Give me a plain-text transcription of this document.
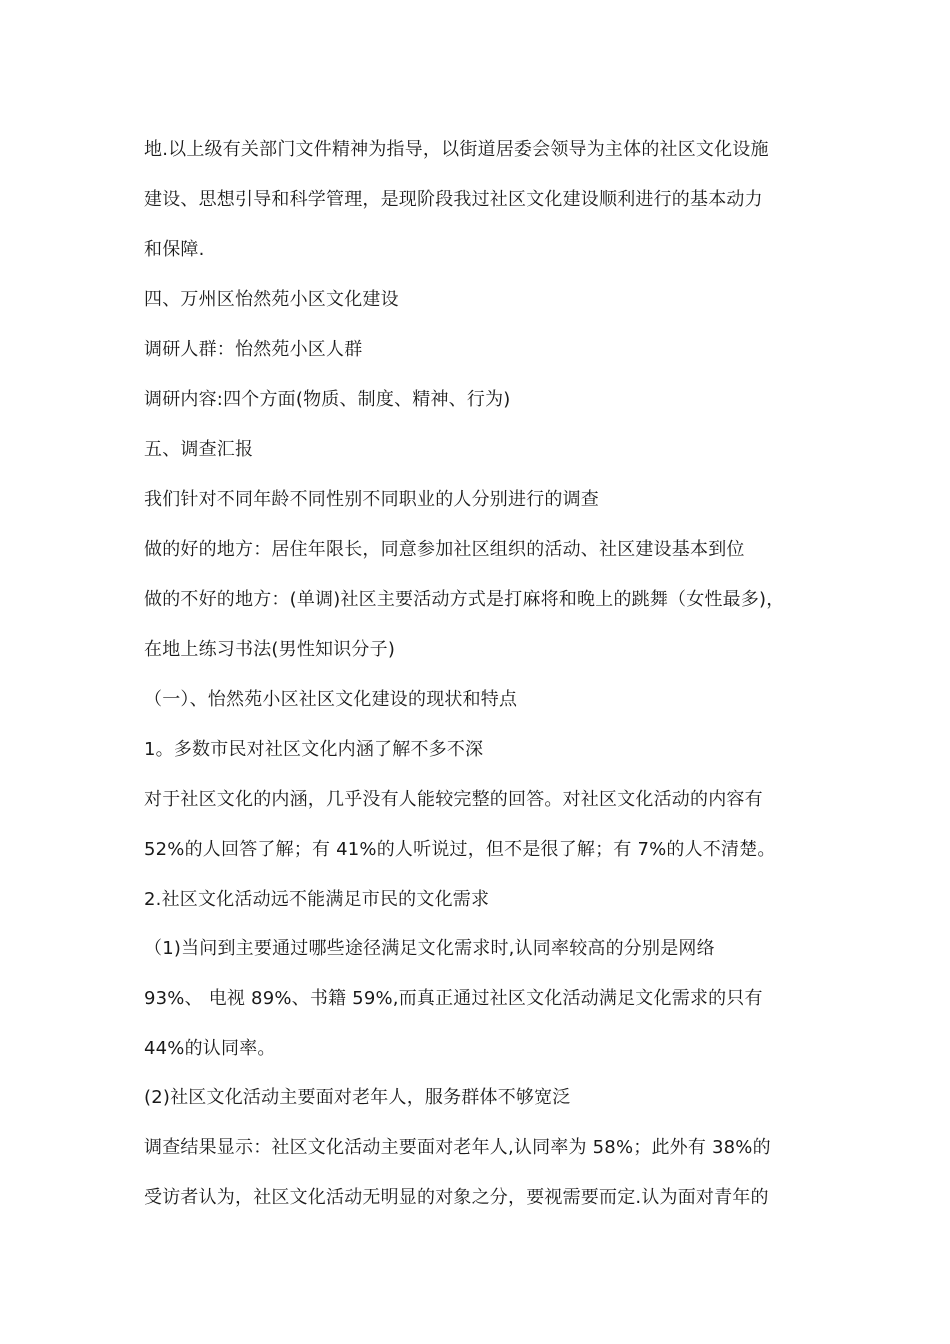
地.以上级有关部门文件精神为指导，以街道居委会领导为主体的社区文化设施
建设、思想引导和科学管理，是现阶段我过社区文化建设顺利进行的基本动力
和保障.
四、万州区怡然苑小区文化建设
调研人群：怡然苑小区人群
调研内容:四个方面(物质、制度、精神、行为)
五、调查汇报
我们针对不同年龄不同性别不同职业的人分别进行的调查
做的好的地方：居住年限长，同意参加社区组织的活动、社区建设基本到位
做的不好的地方：(单调)社区主要活动方式是打麻将和晚上的跳舞（女性最多)，
在地上练习书法(男性知识分子)
（一）、怡然苑小区社区文化建设的现状和特点
1。多数市民对社区文化内涵了解不多不深
对于社区文化的内涵，几乎没有人能较完整的回答。对社区文化活动的内容有
52%的人回答了解；有 41%的人听说过，但不是很了解；有 7%的人不清楚。
2.社区文化活动远不能满足市民的文化需求
（1)当问到主要通过哪些途径满足文化需求时,认同率较高的分别是网络
93%、 电视 89%、书籍 59%,而真正通过社区文化活动满足文化需求的只有
44%的认同率。
(2)社区文化活动主要面对老年人，服务群体不够宽泛
调查结果显示：社区文化活动主要面对老年人,认同率为 58%；此外有 38%的
受访者认为，社区文化活动无明显的对象之分，要视需要而定.认为面对青年的
